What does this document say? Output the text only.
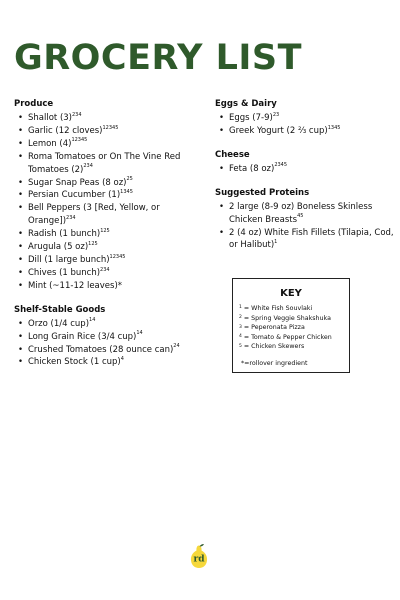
GROCERY LIST
Produce
• Shallot $(3)^{234}$
• Garlic (12 cloves)$^{12345}$
• Lemon $(4)^{12345}$
• Roma Tomatoes or On The Vine Red Tomatoes $(2)^{234}$
• Sugar Snap Peas (8 oz)$^{25}$
• Persian Cucumber $(1)^{1345}$
• Bell Peppers (3 [Red, Yellow, or Orange])$^{234}$
• Radish (1 bunch)$^{125}$
• Arugula (5 oz)$^{125}$
• Dill (1 large bunch)$^{12345}$
• Chives (1 bunch)$^{234}$
• Mint (~11-12 leaves)*
Shelf-Stable Goods
• Orzo (1/4 cup)$^{14}$
• Long Grain Rice (3/4 cup)$^{14}$
• Crushed Tomatoes (28 ounce can)$^{24}$
• Chicken Stock (1 cup)$^4$
Eggs & Dairy
• Eggs $(7-9)^{23}$
• Greek Yogurt (2 ⅔ cup)$^{1345}$
Cheese
• Feta (8 oz)$^{2345}$
Suggested Proteins
• 2 large (8-9 oz) Boneless Skinless Chicken Breasts$^{45}$
• 2 (4 oz) White Fish Fillets (Tilapia, Cod, or Halibut)$^1$
KEY
$^1$ = White Fish Souvlaki
$^2$ = Spring Veggie Shakshuka
$^3$ = Peperonata Pizza
$^4$ = Tomato & Pepper Chicken
$^5$ = Chicken Skewers
*=rollover ingredient
rd
